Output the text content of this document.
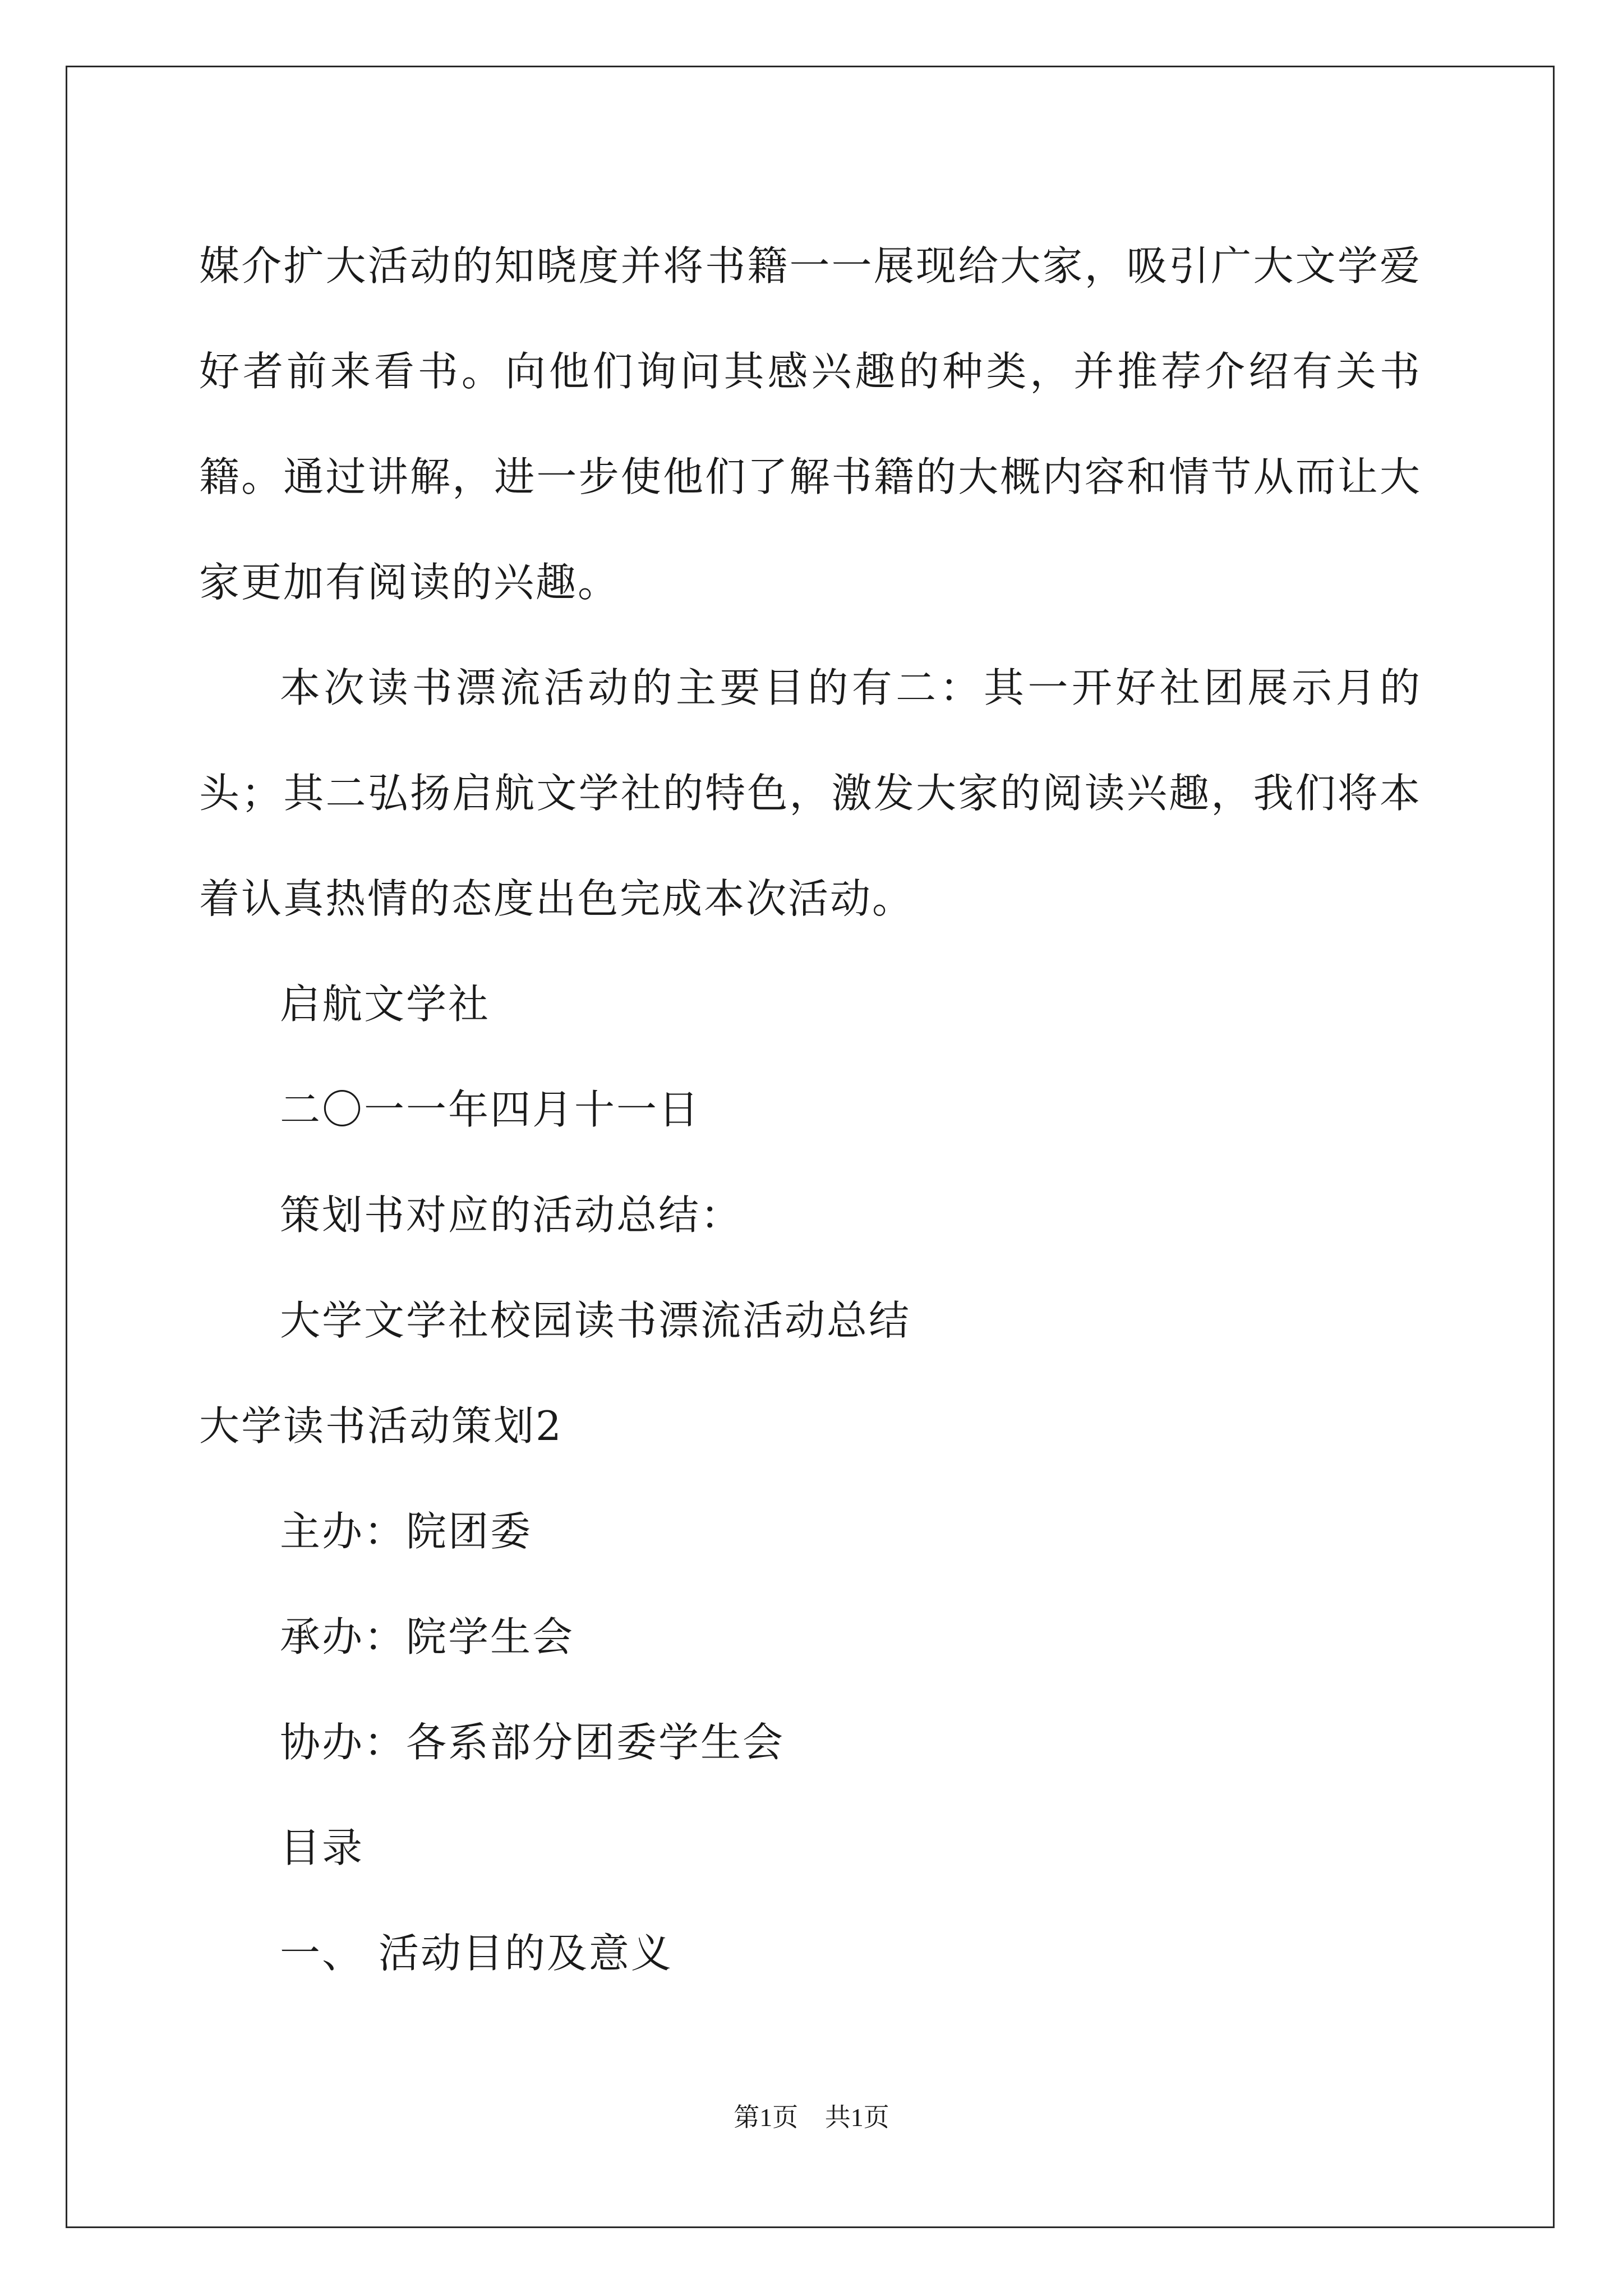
媒介扩大活动的知晓度并将书籍一一展现给大家，吸引广大文学爱好者前来看书。向他们询问其感兴趣的种类，并推荐介绍有关书籍。通过讲解，进一步使他们了解书籍的大概内容和情节从而让大家更加有阅读的兴趣。

本次读书漂流活动的主要目的有二：其一开好社团展示月的头；其二弘扬启航文学社的特色，激发大家的阅读兴趣，我们将本着认真热情的态度出色完成本次活动。

启航文学社

二〇一一年四月十一日

策划书对应的活动总结：

大学文学社校园读书漂流活动总结

大学读书活动策划2

主办：院团委

承办：院学生会

协办：各系部分团委学生会

目录

一、 活动目的及意义

第1页 共1页
